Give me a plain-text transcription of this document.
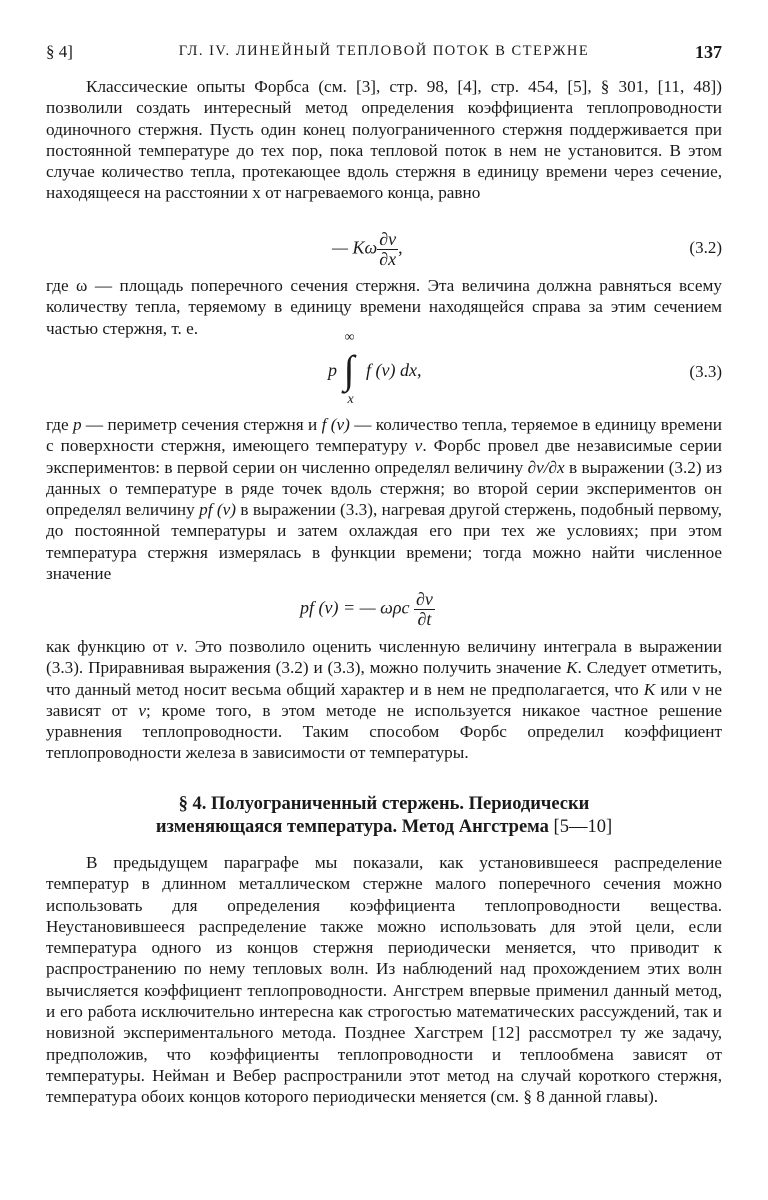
§ 4]	ГЛ. IV. ЛИНЕЙНЫЙ ТЕПЛОВОЙ ПОТОК В СТЕРЖНЕ	137

Классические опыты Форбса (см. [3], стр. 98, [4], стр. 454, [5], § 301, [11, 48]) позволили создать интересный метод определения коэффициента теплопроводности одиночного стержня. Пусть один конец полуограниченного стержня поддерживается при постоянной температуре до тех пор, пока тепловой поток в нем не установится. В этом случае количество тепла, протекающее вдоль стержня в единицу времени через сечение, находящееся на расстоянии x от нагреваемого конца, равно

— Kω $\frac{\partial v}{\partial x}$ ,	(3.2)

где ω — площадь поперечного сечения стержня. Эта величина должна равняться всему количеству тепла, теряемому в единицу времени находящейся справа за этим сечением частью стержня, т. е.

p
∞
∫
x
f (v) dx,	(3.3)

где p — периметр сечения стержня и f (v) — количество тепла, теряемое в единицу времени с поверхности стержня, имеющего температуру v. Форбс провел две независимые серии экспериментов: в первой серии он численно определял величину ∂v/∂x в выражении (3.2) из данных о температуре в ряде точек вдоль стержня; во второй серии экспериментов он определял величину pf (v) в выражении (3.3), нагревая другой стержень, подобный первому, до постоянной температуры и затем охлаждая его при тех же условиях; при этом температура стержня измерялась в функции времени; тогда можно найти численное значение

pf (v) = — ωρc $\frac{\partial v}{\partial t}$

как функцию от v. Это позволило оценить численную величину интеграла в выражении (3.3). Приравнивая выражения (3.2) и (3.3), можно получить значение K. Следует отметить, что данный метод носит весьма общий характер и в нем не предполагается, что K или ν не зависят от v; кроме того, в этом методе не используется никакое частное решение уравнения теплопроводности. Таким способом Форбс определил коэффициент теплопроводности железа в зависимости от температуры.

§ 4. Полуограниченный стержень. Периодически
изменяющаяся температура. Метод Ангстрема [5—10]

В предыдущем параграфе мы показали, как установившееся распределение температур в длинном металлическом стержне малого поперечного сечения можно использовать для определения коэффициента теплопроводности вещества. Неустановившееся распределение также можно использовать для этой цели, если температура одного из концов стержня периодически меняется, что приводит к распространению по нему тепловых волн. Из наблюдений над прохождением этих волн вычисляется коэффициент теплопроводности. Ангстрем впервые применил данный метод, и его работа исключительно интересна как строгостью математических рассуждений, так и новизной экспериментального метода. Позднее Хагстрем [12] рассмотрел ту же задачу, предположив, что коэффициенты теплопроводности и теплообмена зависят от температуры. Нейман и Вебер распространили этот метод на случай короткого стержня, температура обоих концов которого периодически меняется (см. § 8 данной главы).
